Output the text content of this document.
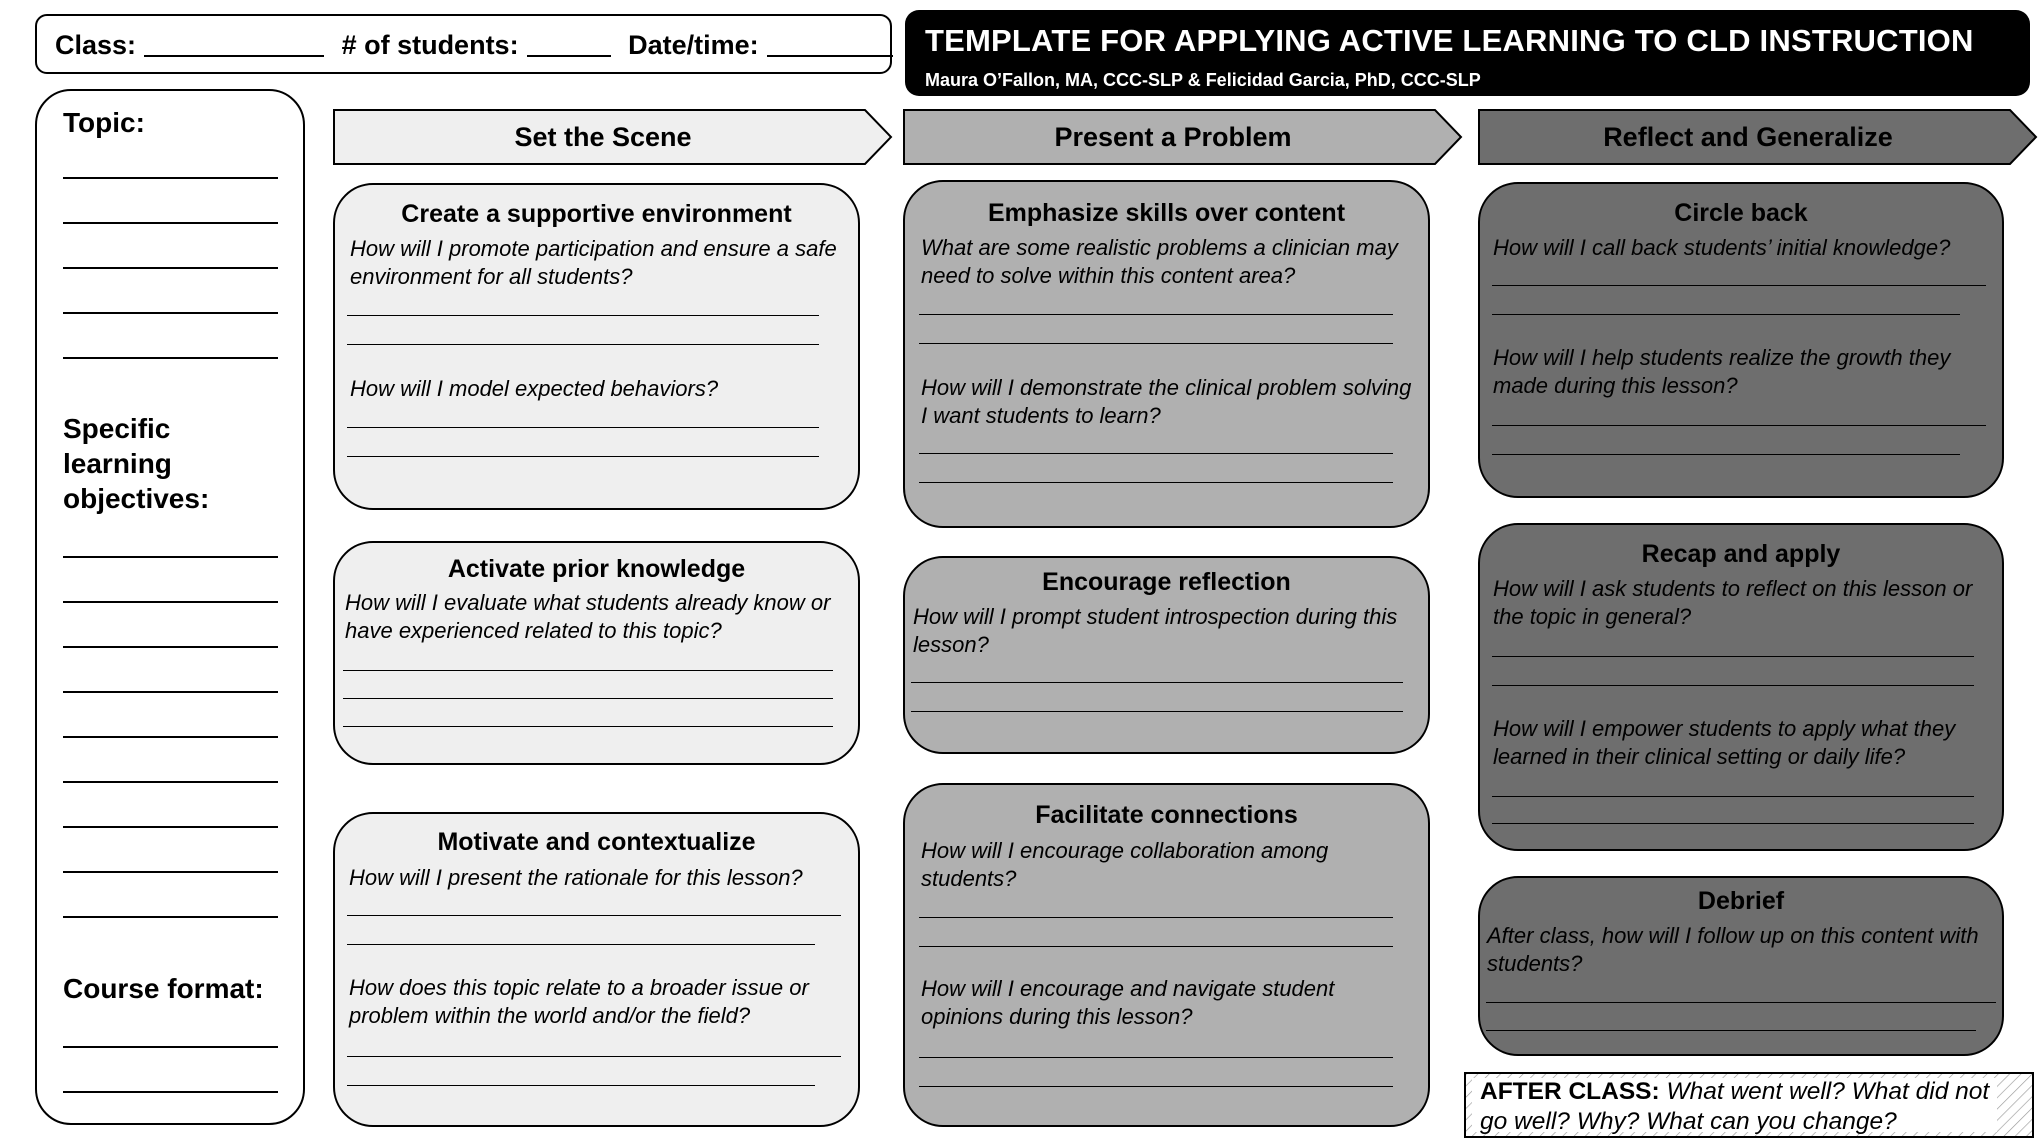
Class:	# of students:	Date/time:	TEMPLATE FOR APPLYING ACTIVE LEARNING TO CLD INSTRUCTION
Maura O’Fallon, MA, CCC-SLP & Felicidad Garcia, PhD, CCC-SLP
Topic:
Specific learning objectives:
Course format:
Set the Scene	Present a Problem	Reflect and Generalize
Create a supportive environment
How will I promote participation and ensure a safe environment for all students?
How will I model expected behaviors?
Activate prior knowledge
How will I evaluate what students already know or have experienced related to this topic?
Motivate and contextualize
How will I present the rationale for this lesson?
How does this topic relate to a broader issue or problem within the world and/or the field?
Emphasize skills over content
What are some realistic problems a clinician may need to solve within this content area?
How will I demonstrate the clinical problem solving I want students to learn?
Encourage reflection
How will I prompt student introspection during this lesson?
Facilitate connections
How will I encourage collaboration among students?
How will I encourage and navigate student opinions during this lesson?
Circle back
How will I call back students’ initial knowledge?
How will I help students realize the growth they made during this lesson?
Recap and apply
How will I ask students to reflect on this lesson or the topic in general?
How will I empower students to apply what they learned in their clinical setting or daily life?
Debrief
After class, how will I follow up on this content with students?
AFTER CLASS: What went well? What did not go well? Why? What can you change?
